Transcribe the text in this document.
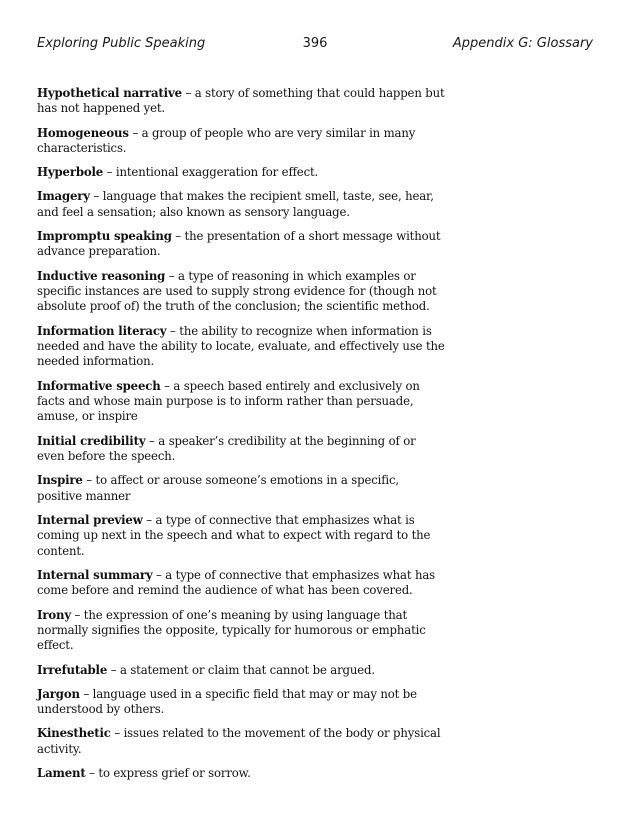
Exploring Public Speaking	396	Appendix G: Glossary

Hypothetical narrative – a story of something that could happen but has not happened yet.

Homogeneous – a group of people who are very similar in many characteristics.

Hyperbole – intentional exaggeration for effect.

Imagery – language that makes the recipient smell, taste, see, hear, and feel a sensation; also known as sensory language.

Impromptu speaking – the presentation of a short message without advance preparation.

Inductive reasoning – a type of reasoning in which examples or specific instances are used to supply strong evidence for (though not absolute proof of) the truth of the conclusion; the scientific method.

Information literacy – the ability to recognize when information is needed and have the ability to locate, evaluate, and effectively use the needed information.

Informative speech – a speech based entirely and exclusively on facts and whose main purpose is to inform rather than persuade, amuse, or inspire

Initial credibility – a speaker’s credibility at the beginning of or even before the speech.

Inspire – to affect or arouse someone’s emotions in a specific, positive manner

Internal preview – a type of connective that emphasizes what is coming up next in the speech and what to expect with regard to the content.

Internal summary – a type of connective that emphasizes what has come before and remind the audience of what has been covered.

Irony – the expression of one’s meaning by using language that normally signifies the opposite, typically for humorous or emphatic effect.

Irrefutable – a statement or claim that cannot be argued.

Jargon – language used in a specific field that may or may not be understood by others.

Kinesthetic – issues related to the movement of the body or physical activity.

Lament – to express grief or sorrow.
